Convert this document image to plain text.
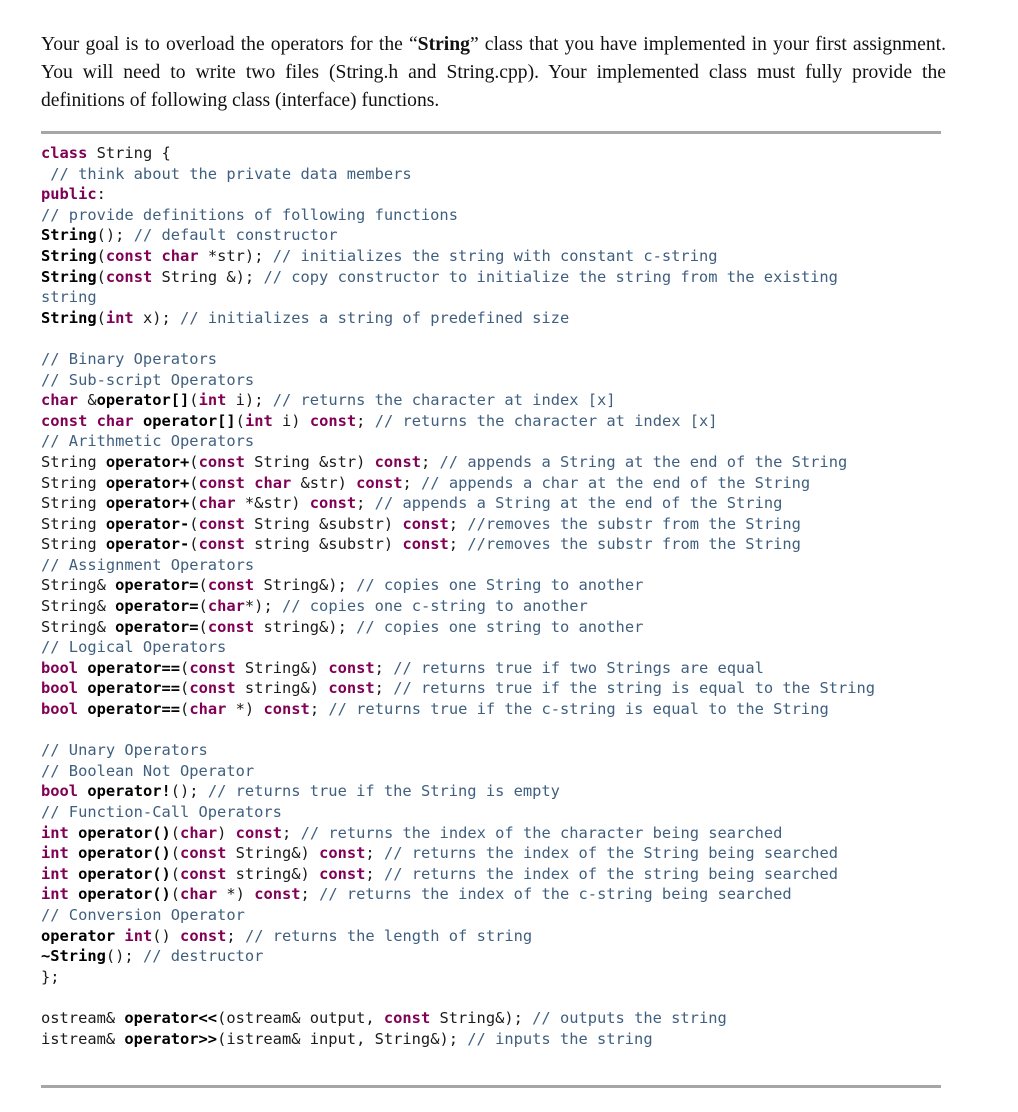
Your goal is to overload the operators for the “String” class that you have implemented in your first assignment. You will need to write two files (String.h and String.cpp). Your implemented class must fully provide the definitions of following class (interface) functions.

class String {
// think about the private data members
public:
// provide definitions of following functions
String(); // default constructor
String(const char *str); // initializes the string with constant c-string
String(const String &); // copy constructor to initialize the string from the existing
string
String(int x); // initializes a string of predefined size
// Binary Operators
// Sub-script Operators
char &operator[](int i); // returns the character at index [x]
const char operator[](int i) const; // returns the character at index [x]
// Arithmetic Operators
String operator+(const String &str) const; // appends a String at the end of the String
String operator+(const char &str) const; // appends a char at the end of the String
String operator+(char *&str) const; // appends a String at the end of the String
String operator-(const String &substr) const; //removes the substr from the String
String operator-(const string &substr) const; //removes the substr from the String
// Assignment Operators
String& operator=(const String&); // copies one String to another
String& operator=(char*); // copies one c-string to another
String& operator=(const string&); // copies one string to another
// Logical Operators
bool operator==(const String&) const; // returns true if two Strings are equal
bool operator==(const string&) const; // returns true if the string is equal to the String
bool operator==(char *) const; // returns true if the c-string is equal to the String
// Unary Operators
// Boolean Not Operator
bool operator!(); // returns true if the String is empty
// Function-Call Operators
int operator()(char) const; // returns the index of the character being searched
int operator()(const String&) const; // returns the index of the String being searched
int operator()(const string&) const; // returns the index of the string being searched
int operator()(char *) const; // returns the index of the c-string being searched
// Conversion Operator
operator int() const; // returns the length of string
~String(); // destructor
};
ostream& operator<<(ostream& output, const String&); // outputs the string
istream& operator>>(istream& input, String&); // inputs the string
